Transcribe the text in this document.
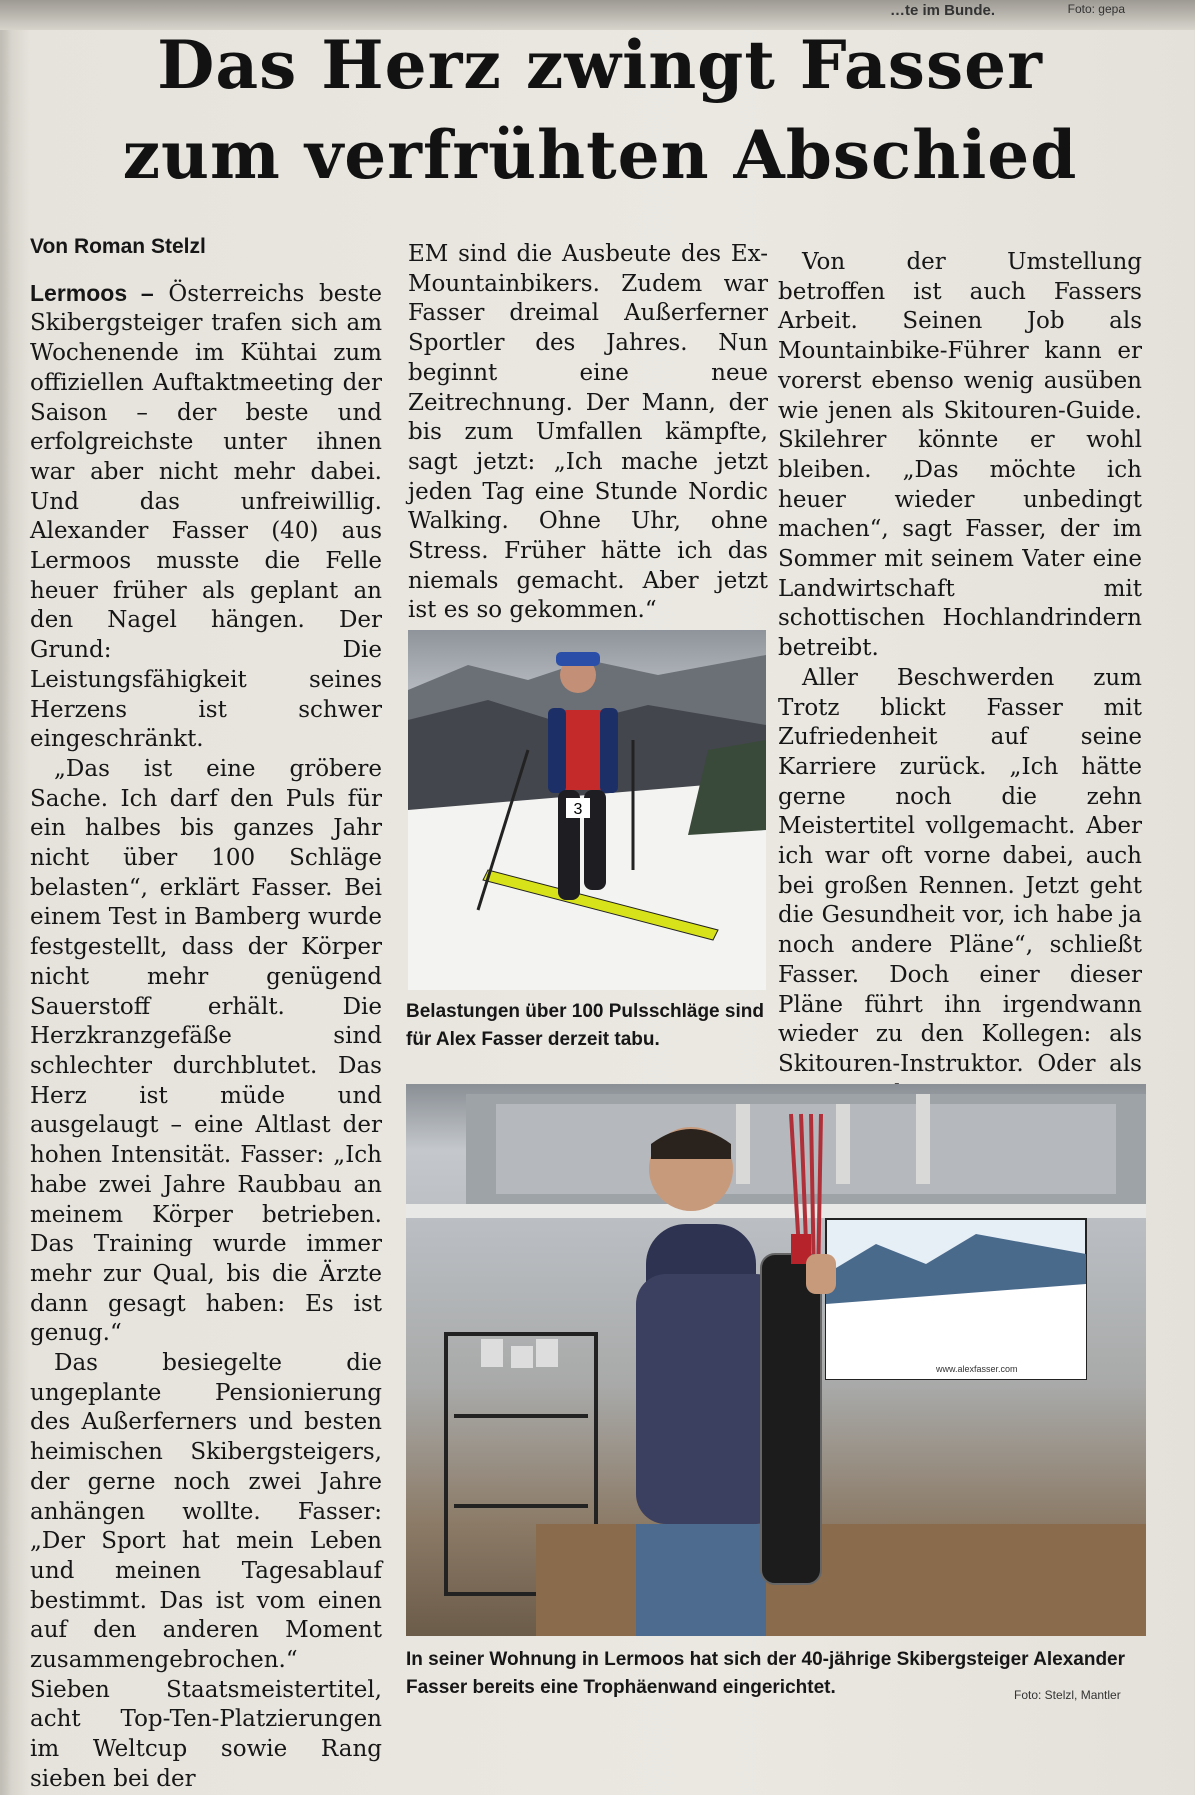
…te im Bunde.	Foto: gepa
Das Herz zwingt Fasser
zum verfrühten Abschied

Von Roman Stelzl

Lermoos – Österreichs beste Skibergsteiger trafen sich am Wochenende im Kühtai zum offiziellen Auftaktmeeting der Saison – der beste und erfolgreichste unter ihnen war aber nicht mehr dabei. Und das unfreiwillig. Alexander Fasser (40) aus Lermoos musste die Felle heuer früher als geplant an den Nagel hängen. Der Grund: Die Leistungsfähigkeit seines Herzens ist schwer eingeschränkt.

„Das ist eine gröbere Sache. Ich darf den Puls für ein halbes bis ganzes Jahr nicht über 100 Schläge belasten“, erklärt Fasser. Bei einem Test in Bamberg wurde festgestellt, dass der Körper nicht mehr genügend Sauerstoff erhält. Die Herzkranzgefäße sind schlechter durchblutet. Das Herz ist müde und ausgelaugt – eine Altlast der hohen Intensität. Fasser: „Ich habe zwei Jahre Raubbau an meinem Körper betrieben. Das Training wurde immer mehr zur Qual, bis die Ärzte dann gesagt haben: Es ist genug.“

Das besiegelte die ungeplante Pensionierung des Außerferners und besten heimischen Skibergsteigers, der gerne noch zwei Jahre anhängen wollte. Fasser: „Der Sport hat mein Leben und meinen Tagesablauf bestimmt. Das ist vom einen auf den anderen Moment zusammengebrochen.“ Sieben Staatsmeistertitel, acht Top-Ten-Platzierungen im Weltcup sowie Rang sieben bei der

EM sind die Ausbeute des Ex-Mountainbikers. Zudem war Fasser dreimal Außerferner Sportler des Jahres. Nun beginnt eine neue Zeitrechnung. Der Mann, der bis zum Umfallen kämpfte, sagt jetzt: „Ich mache jetzt jeden Tag eine Stunde Nordic Walking. Ohne Uhr, ohne Stress. Früher hätte ich das niemals gemacht. Aber jetzt ist es so gekommen.“

3
Belastungen über 100 Pulsschläge sind für Alex Fasser derzeit tabu.

Von der Umstellung betroffen ist auch Fassers Arbeit. Seinen Job als Mountainbike-Führer kann er vorerst ebenso wenig ausüben wie jenen als Skitouren-Guide. Skilehrer könnte er wohl bleiben. „Das möchte ich heuer wieder unbedingt machen“, sagt Fasser, der im Sommer mit seinem Vater eine Landwirtschaft mit schottischen Hochlandrindern betreibt.

Aller Beschwerden zum Trotz blickt Fasser mit Zufriedenheit auf seine Karriere zurück. „Ich hätte gerne noch die zehn Meistertitel vollgemacht. Aber ich war oft vorne dabei, auch bei großen Rennen. Jetzt geht die Gesundheit vor, ich habe ja noch andere Pläne“, schließt Fasser. Doch einer dieser Pläne führt ihn irgendwann wieder zu den Kollegen: als Skitouren-Instruktor. Oder als

www.alexfasser.com
In seiner Wohnung in Lermoos hat sich der 40-jährige Skibergsteiger Alexander Fasser bereits eine Trophäenwand eingerichtet.	Foto: Stelzl, Mantler
